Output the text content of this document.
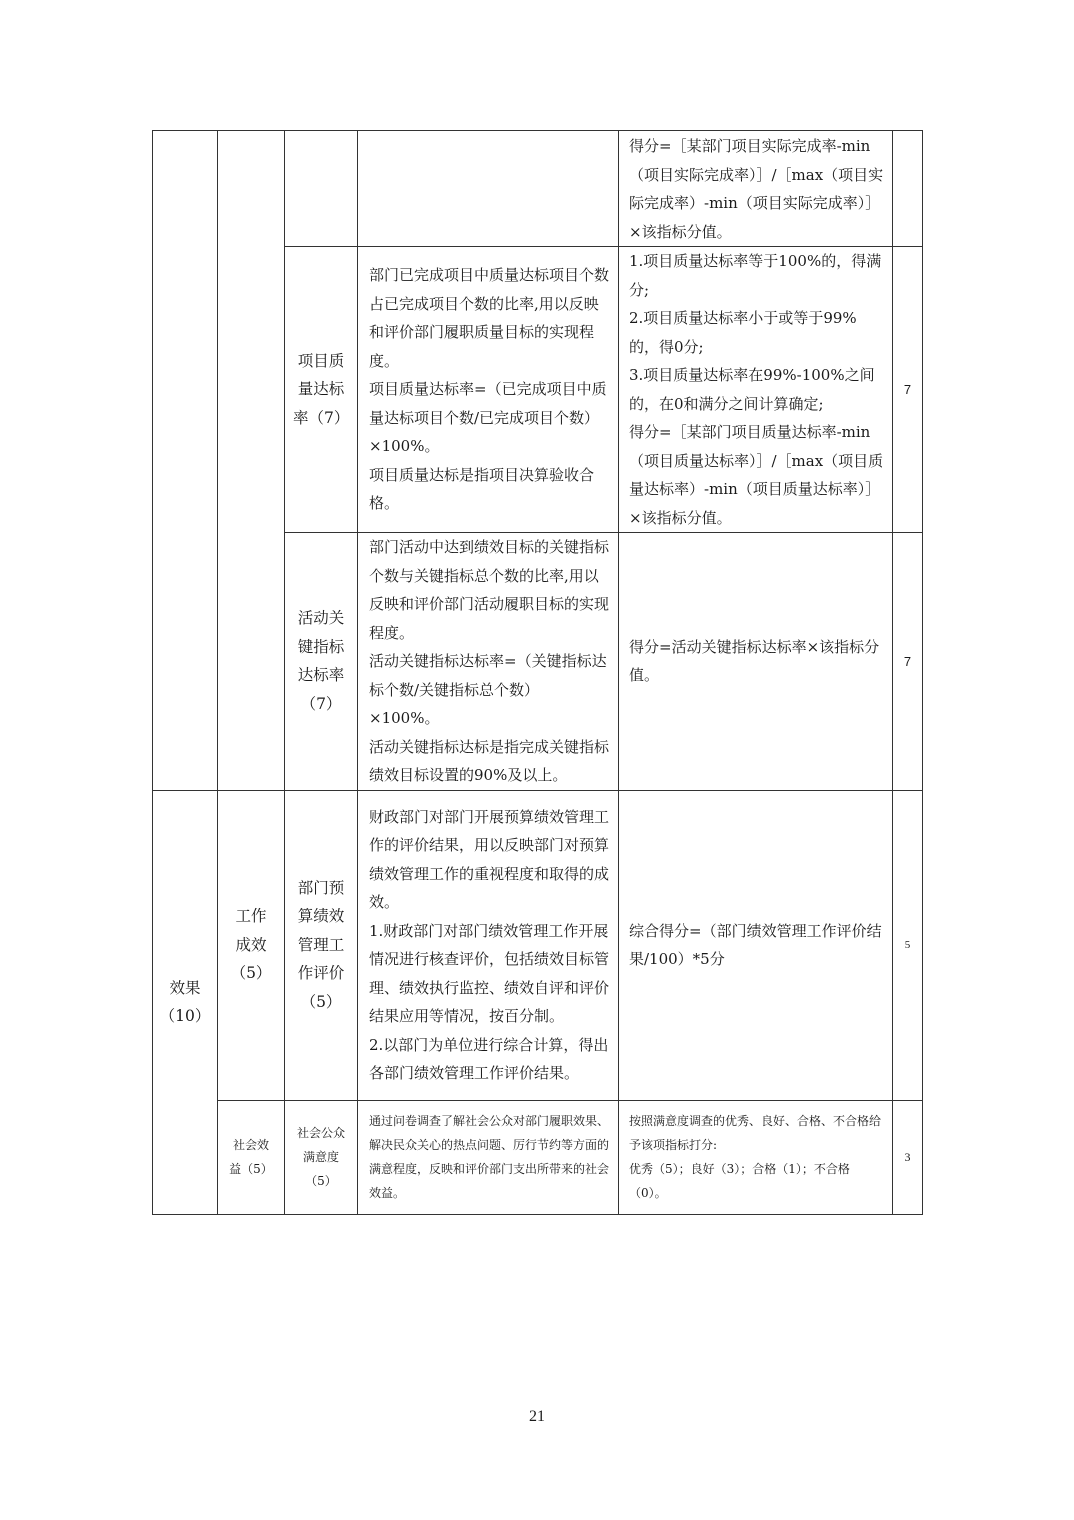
				得分=［某部门项目实际完成率-min（项目实际完成率）］/［max（项目实际完成率）-min（项目实际完成率）］×该指标分值。	

		项目质
量达标
率（7）	部门已完成项目中质量达标项目个数占已完成项目个数的比率,用以反映和评价部门履职质量目标的实现程度。
项目质量达标率=（已完成项目中质量达标项目个数/已完成项目个数）×100%。
项目质量达标是指项目决算验收合格。	1.项目质量达标率等于100%的，得满分;
2.项目质量达标率小于或等于99%的，得0分;
3.项目质量达标率在99%-100%之间的，在0和满分之间计算确定;
得分=［某部门项目质量达标率-min（项目质量达标率）］/［max（项目质量达标率）-min（项目质量达标率）］×该指标分值。	7

		活动关
键指标
达标率
（7）	部门活动中达到绩效目标的关键指标个数与关键指标总个数的比率,用以反映和评价部门活动履职目标的实现程度。
活动关键指标达标率=（关键指标达标个数/关键指标总个数）×100%。
活动关键指标达标是指完成关键指标绩效目标设置的90%及以上。	得分=活动关键指标达标率×该指标分值。	7

效果
（10）	工作
成效
（5）	部门预
算绩效
管理工
作评价
（5）	财政部门对部门开展预算绩效管理工作的评价结果，用以反映部门对预算绩效管理工作的重视程度和取得的成效。
1.财政部门对部门绩效管理工作开展情况进行核查评价，包括绩效目标管理、绩效执行监控、绩效自评和评价结果应用等情况，按百分制。
2.以部门为单位进行综合计算，得出各部门绩效管理工作评价结果。	综合得分=（部门绩效管理工作评价结果/100）*5分	5

	社会效
益（5）	社会公众
满意度
（5）	通过问卷调查了解社会公众对部门履职效果、解决民众关心的热点问题、厉行节约等方面的满意程度，反映和评价部门支出所带来的社会效益。	按照满意度调查的优秀、良好、合格、不合格给予该项指标打分:
优秀（5）；良好（3）；合格（1）；不合格（0）。	3
21
